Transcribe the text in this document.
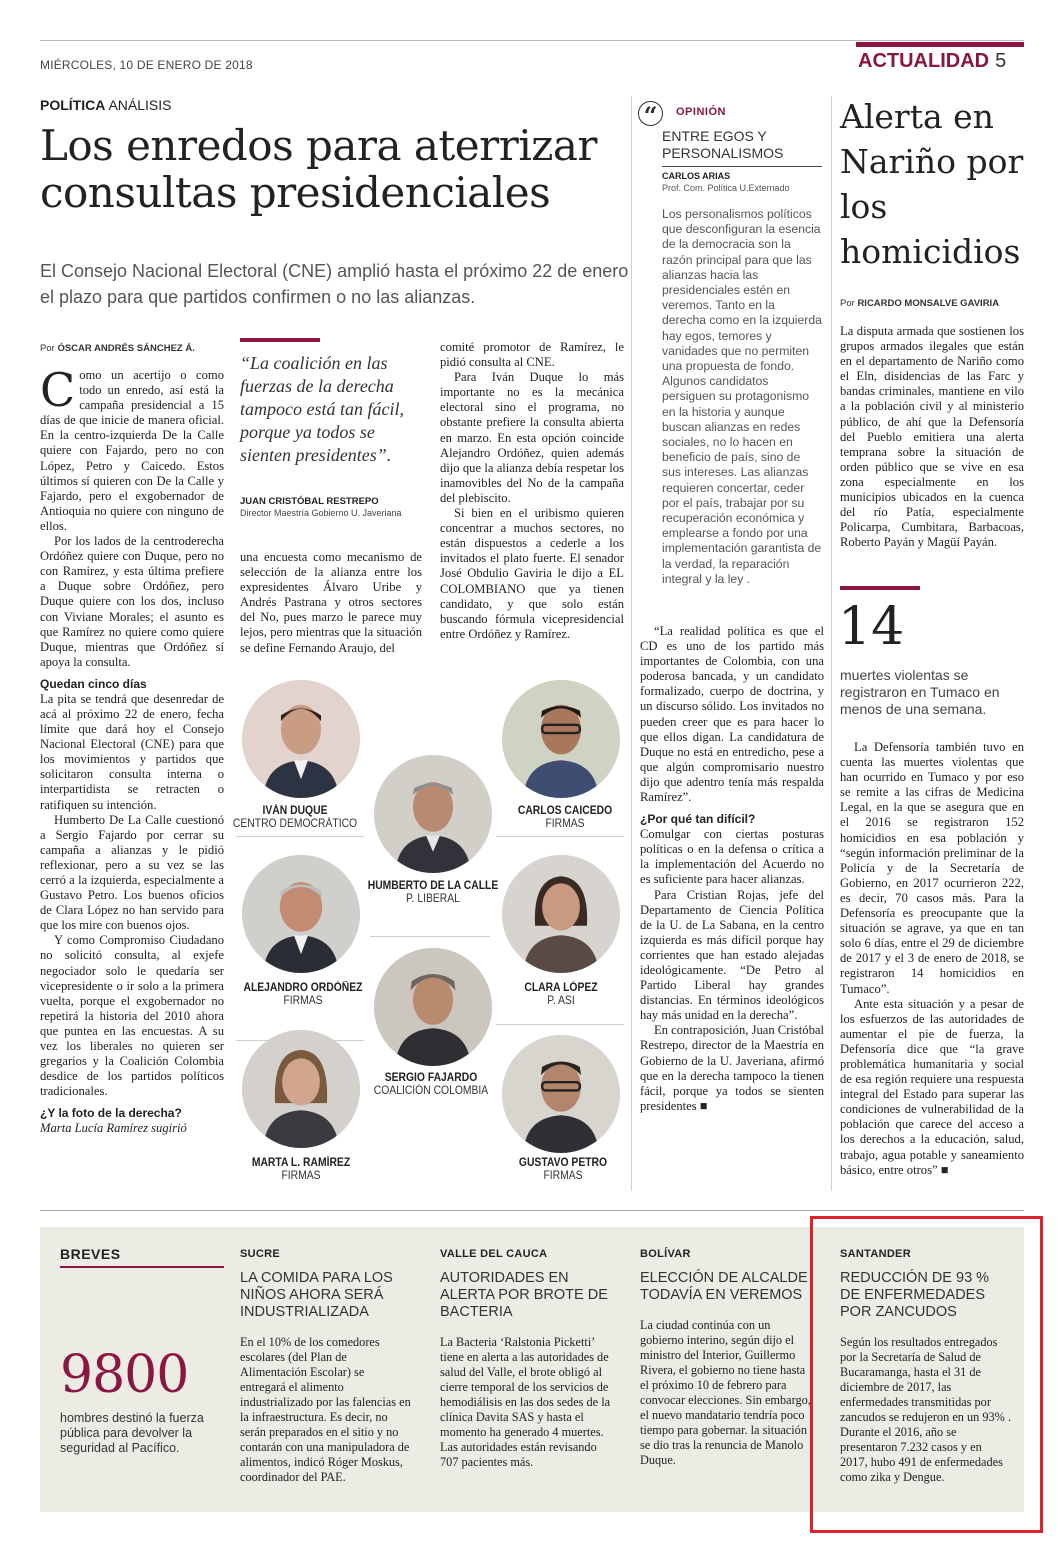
MIÉRCOLES, 10 DE ENERO DE 2018	ACTUALIDAD 5
POLÍTICA ANÁLISIS
Los enredos para aterrizar consultas presidenciales
El Consejo Nacional Electoral (CNE) amplió hasta el próximo 22 de enero el plazo para que partidos confirmen o no las alianzas.
Por ÓSCAR ANDRÉS SÁNCHEZ Á.

Como un acertijo o como todo un enredo, así está la campaña presidencial a 15 días de que inicie de manera oficial. En la centro-izquierda De la Calle quiere con Fajardo, pero no con López, Petro y Caicedo. Estos últimos sí quieren con De la Calle y Fajardo, pero el exgobernador de Antioquia no quiere con ninguno de ellos.

Por los lados de la centroderecha Ordóñez quiere con Duque, pero no con Ramírez, y esta última prefiere a Duque sobre Ordóñez, pero Duque quiere con los dos, incluso con Viviane Morales; el asunto es que Ramírez no quiere como quiere Duque, mientras que Ordóñez sí apoya la consulta.

Quedan cinco días

La pita se tendrá que desenredar de acá al próximo 22 de enero, fecha límite que dará hoy el Consejo Nacional Electoral (CNE) para que los movimientos y partidos que solicitaron consulta interna o interpartidista se retracten o ratifiquen su intención.

Humberto De La Calle cuestionó a Sergio Fajardo por cerrar su campaña a alianzas y le pidió reflexionar, pero a su vez se las cerró a la izquierda, especialmente a Gustavo Petro. Los buenos oficios de Clara López no han servido para que los mire con buenos ojos.

Y como Compromiso Ciudadano no solicitó consulta, al exjefe negociador solo le quedaría ser vicepresidente o ir solo a la primera vuelta, porque el exgobernador no repetirá la historia del 2010 ahora que puntea en las encuestas. A su vez los liberales no quieren ser gregarios y la Coalición Colombia desdice de los partidos políticos tradicionales.

¿Y la foto de la derecha?

Marta Lucía Ramírez sugirió

“La coalición en las fuerzas de la derecha tampoco está tan fácil, porque ya todos se sienten presidentes”.
JUAN CRISTÓBAL RESTREPO
Director Maestría Gobierno U. Javeriana

una encuesta como mecanismo de selección de la alianza entre los expresidentes Álvaro Uribe y Andrés Pastrana y otros sectores del No, pues marzo le parece muy lejos, pero mientras que la situación se define Fernando Araujo, del

comité promotor de Ramírez, le pidió consulta al CNE.

Para Iván Duque lo más importante no es la mecánica electoral sino el programa, no obstante prefiere la consulta abierta en marzo. En esta opción coincide Alejandro Ordóñez, quien además dijo que la alianza debía respetar los inamovibles del No de la campaña del plebiscito.

Si bien en el uribismo quieren concentrar a muchos sectores, no están dispuestos a cederle a los invitados el plato fuerte. El senador José Obdulio Gaviria le dijo a EL COLOMBIANO que ya tienen candidato, y que solo están buscando fórmula vicepresidencial entre Ordóñez y Ramírez.	“La realidad política es que el CD es uno de los partido más importantes de Colombia, con una poderosa bancada, y un candidato formalizado, cuerpo de doctrina, y un discurso sólido. Los invitados no pueden creer que es para hacer lo que ellos digan. La candidatura de Duque no está en entredicho, pese a que algún compromisario nuestro dijo que adentro tenía más respalda Ramírez”.

¿Por qué tan difícil?

Comulgar con ciertas posturas políticas o en la defensa o crítica a la implementación del Acuerdo no es suficiente para hacer alianzas.

Para Cristian Rojas, jefe del Departamento de Ciencia Política de la U. de La Sabana, en la centro izquierda es más difícil porque hay corrientes que han estado alejadas ideológicamente. “De Petro al Partido Liberal hay grandes distancias. En términos ideológicos hay más unidad en la derecha”.

En contraposición, Juan Cristóbal Restrepo, director de la Maestría en Gobierno de la U. Javeriana, afirmó que en la derecha tampoco la tienen fácil, porque ya todos se sienten presidentes ■

IVÁN DUQUE
CENTRO DEMOCRÁTICO
HUMBERTO DE LA CALLE
P. LIBERAL
CARLOS CAICEDO
FIRMAS
ALEJANDRO ORDÓÑEZ
FIRMAS
CLARA LÓPEZ
P. ASI
SERGIO FAJARDO
COALICIÓN COLOMBIA
MARTA L. RAMÍREZ
FIRMAS
GUSTAVO PETRO
FIRMAS
“	OPINIÓN
ENTRE EGOS Y PERSONALISMOS
CARLOS ARIAS
Prof. Com. Política U.Externado
Los personalismos políticos que desconfiguran la esencia de la democracia son la razón principal para que las alianzas hacia las presidenciales estén en veremos. Tanto en la derecha como en la izquierda hay egos, temores y vanidades que no permiten una propuesta de fondo. Algunos candidatos persiguen su protagonismo en la historia y aunque buscan alianzas en redes sociales, no lo hacen en beneficio de país, sino de sus intereses. Las alianzas requieren concertar, ceder por el país, trabajar por su recuperación económica y emplearse a fondo por una implementación garantista de la verdad, la reparación integral y la ley .
Alerta en Nariño por los homicidios
Por RICARDO MONSALVE GAVIRIA

La disputa armada que sostienen los grupos armados ilegales que están en el departamento de Nariño como el Eln, disidencias de las Farc y bandas criminales, mantiene en vilo a la población civil y al ministerio público, de ahí que la Defensoría del Pueblo emitiera una alerta temprana sobre la situación de orden público que se vive en esa zona especialmente en los municipios ubicados en la cuenca del río Patía, especialmente Policarpa, Cumbitara, Barbacoas, Roberto Payán y Magüí Payán.

14
muertes violentas se registraron en Tumaco en menos de una semana.

La Defensoría también tuvo en cuenta las muertes violentas que han ocurrido en Tumaco y por eso se remite a las cifras de Medicina Legal, en la que se asegura que en el 2016 se registraron 152 homicidios en esa población y “según información preliminar de la Policía y de la Secretaría de Gobierno, en 2017 ocurrieron 222, es decir, 70 casos más. Para la Defensoría es preocupante que la situación se agrave, ya que en tan solo 6 días, entre el 29 de diciembre de 2017 y el 3 de enero de 2018, se registraron 14 homicidios en Tumaco”.

Ante esta situación y a pesar de los esfuerzos de las autoridades de aumentar el pie de fuerza, la Defensoría dice que “la grave problemática humanitaria y social de esa región requiere una respuesta integral del Estado para superar las condiciones de vulnerabilidad de la población que carece del acceso a los derechos a la educación, salud, trabajo, agua potable y saneamiento básico, entre otros” ■

BREVES
9800
hombres destinó la fuerza pública para devolver la seguridad al Pacífico.
SUCRE
LA COMIDA PARA LOS NIÑOS AHORA SERÁ INDUSTRIALIZADA
En el 10% de los comedores escolares (del Plan de Alimentación Escolar) se entregará el alimento industrializado por las falencias en la infraestructura. Es decir, no serán preparados en el sitio y no contarán con una manipuladora de alimentos, indicó Róger Moskus, coordinador del PAE.
VALLE DEL CAUCA
AUTORIDADES EN ALERTA POR BROTE DE BACTERIA
La Bacteria ‘Ralstonia Picketti’ tiene en alerta a las autoridades de salud del Valle, el brote obligó al cierre temporal de los servicios de hemodiálisis en las dos sedes de la clínica Davita SAS y hasta el momento ha generado 4 muertes. Las autoridades están revisando 707 pacientes más.
BOLÍVAR
ELECCIÓN DE ALCALDE TODAVÍA EN VEREMOS
La ciudad continúa con un gobierno interino, según dijo el ministro del Interior, Guillermo Rivera, el gobierno no tiene hasta el próximo 10 de febrero para convocar elecciones. Sin embargo, el nuevo mandatario tendría poco tiempo para gobernar. la situación se dio tras la renuncia de Manolo Duque.
SANTANDER
REDUCCIÓN DE 93 % DE ENFERMEDADES POR ZANCUDOS
Según los resultados entregados por la Secretaría de Salud de Bucaramanga, hasta el 31 de diciembre de 2017, las enfermedades transmitidas por zancudos se redujeron en un 93% . Durante el 2016, año se presentaron 7.232 casos y en 2017, hubo 491 de enfermedades como zika y Dengue.
